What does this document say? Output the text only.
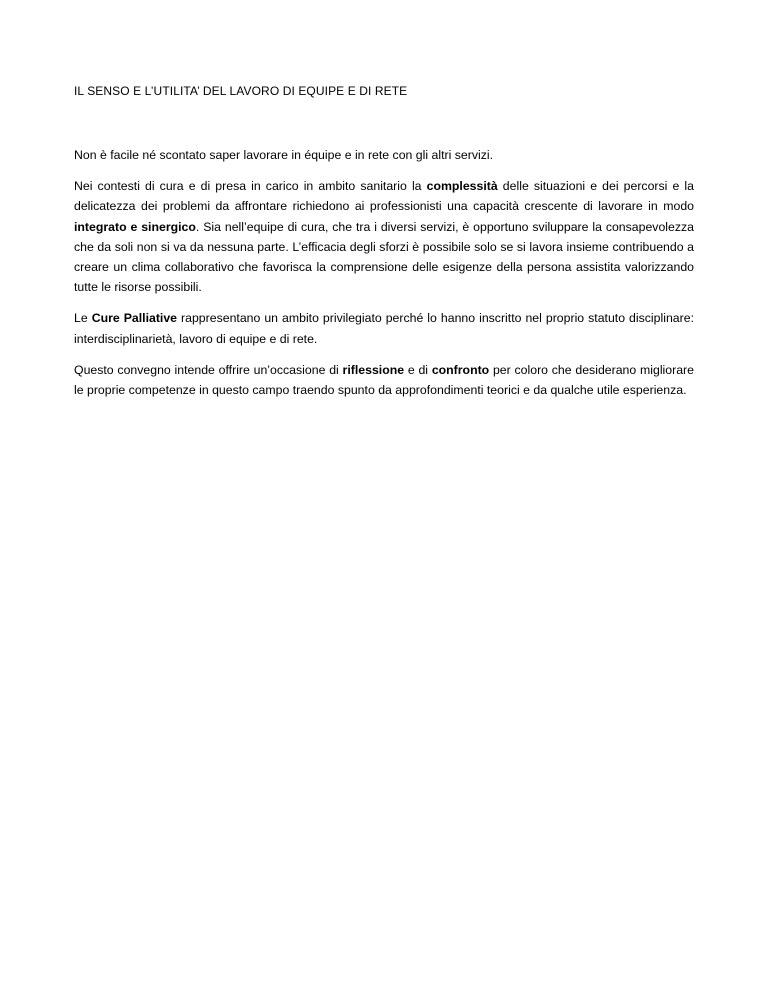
IL SENSO E L’UTILITA’ DEL LAVORO DI EQUIPE E DI RETE

Non è facile né scontato saper lavorare in équipe e in rete con gli altri servizi.

Nei contesti di cura e di presa in carico in ambito sanitario la complessità delle situazioni e dei percorsi e la delicatezza dei problemi da affrontare richiedono ai professionisti una capacità crescente di lavorare in modo integrato e sinergico. Sia nell’equipe di cura, che tra i diversi servizi, è opportuno sviluppare la consapevolezza che da soli non si va da nessuna parte. L’efficacia degli sforzi è possibile solo se si lavora insieme contribuendo a creare un clima collaborativo che favorisca la comprensione delle esigenze della persona assistita valorizzando tutte le risorse possibili.

Le Cure Palliative rappresentano un ambito privilegiato perché lo hanno inscritto nel proprio statuto disciplinare: interdisciplinarietà, lavoro di equipe e di rete.

Questo convegno intende offrire un’occasione di riflessione e di confronto per coloro che desiderano migliorare le proprie competenze in questo campo traendo spunto da approfondimenti teorici e da qualche utile esperienza.
